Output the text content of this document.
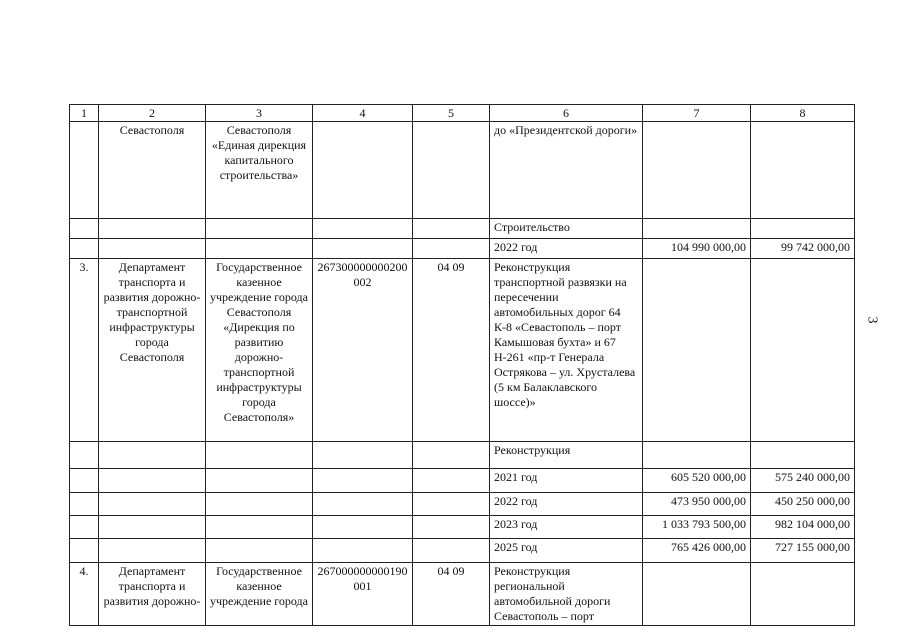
1	2	3	4	5	6	7	8
	Севастополя	Севастополя «Единая дирекция капитального строительства»			до «Президентской дороги»		
					Строительство		
					2022 год	104 990 000,00	99 742 000,00
3.	Департамент транспорта и развития дорожно-транспортной инфраструктуры города Севастополя	Государственное казенное учреждение города Севастополя «Дирекция по развитию дорожно-транспортной инфраструктуры города Севастополя»	267300000000200002	04 09	Реконструкция транспортной развязки на пересечении автомобильных дорог 64 К-8 «Севастополь – порт Камышовая бухта» и 67 Н-261 «пр-т Генерала Острякова – ул. Хрусталева (5 км Балаклавского шоссе)»		
					Реконструкция		
					2021 год	605 520 000,00	575 240 000,00
					2022 год	473 950 000,00	450 250 000,00
					2023 год	1 033 793 500,00	982 104 000,00
					2025 год	765 426 000,00	727 155 000,00
4.	Департамент транспорта и развития дорожно-	Государственное казенное учреждение города	267000000000190001	04 09	Реконструкция региональной автомобильной дороги Севастополь – порт		
3
